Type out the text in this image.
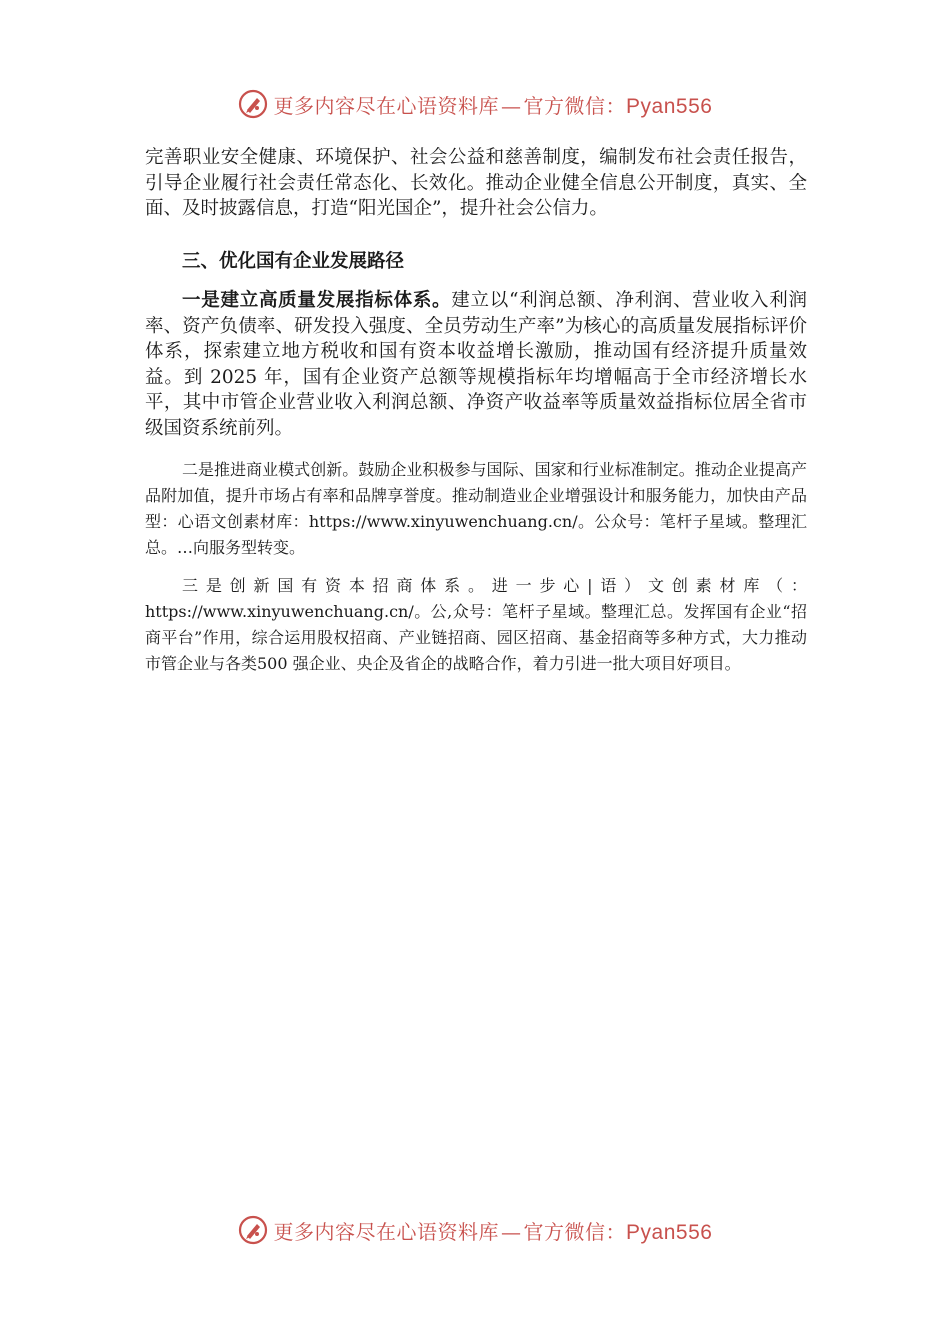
更多内容尽在心语资料库 — 官方微信：Pyan556

完善职业安全健康、环境保护、社会公益和慈善制度，编制发布社会责任报告，引导企业履行社会责任常态化、长效化。推动企业健全信息公开制度，真实、全面、及时披露信息，打造“阳光国企”，提升社会公信力。

三、优化国有企业发展路径

一是建立高质量发展指标体系。建立以“利润总额、净利润、营业收入利润率、资产负债率、研发投入强度、全员劳动生产率”为核心的高质量发展指标评价体系，探索建立地方税收和国有资本收益增长激励，推动国有经济提升质量效益。到 2025 年，国有企业资产总额等规模指标年均增幅高于全市经济增长水平，其中市管企业营业收入利润总额、净资产收益率等质量效益指标位居全省市级国资系统前列。

二是推进商业模式创新。鼓励企业积极参与国际、国家和行业标准制定。推动企业提高产品附加值，提升市场占有率和品牌享誉度。推动制造业企业增强设计和服务能力，加快由产品型：心语文创素材库：https://www.xinyuwenchuang.cn/。公众号：笔杆子星域。整理汇总。…向服务型转变。

三是创新国有资本招商体系。进一步心|语）文创素材库（：https://www.xinyuwenchuang.cn/。公,众号：笔杆子星域。整理汇总。发挥国有企业“招商平台”作用，综合运用股权招商、产业链招商、园区招商、基金招商等多种方式，大力推动市管企业与各类500 强企业、央企及省企的战略合作，着力引进一批大项目好项目。

更多内容尽在心语资料库 — 官方微信：Pyan556
